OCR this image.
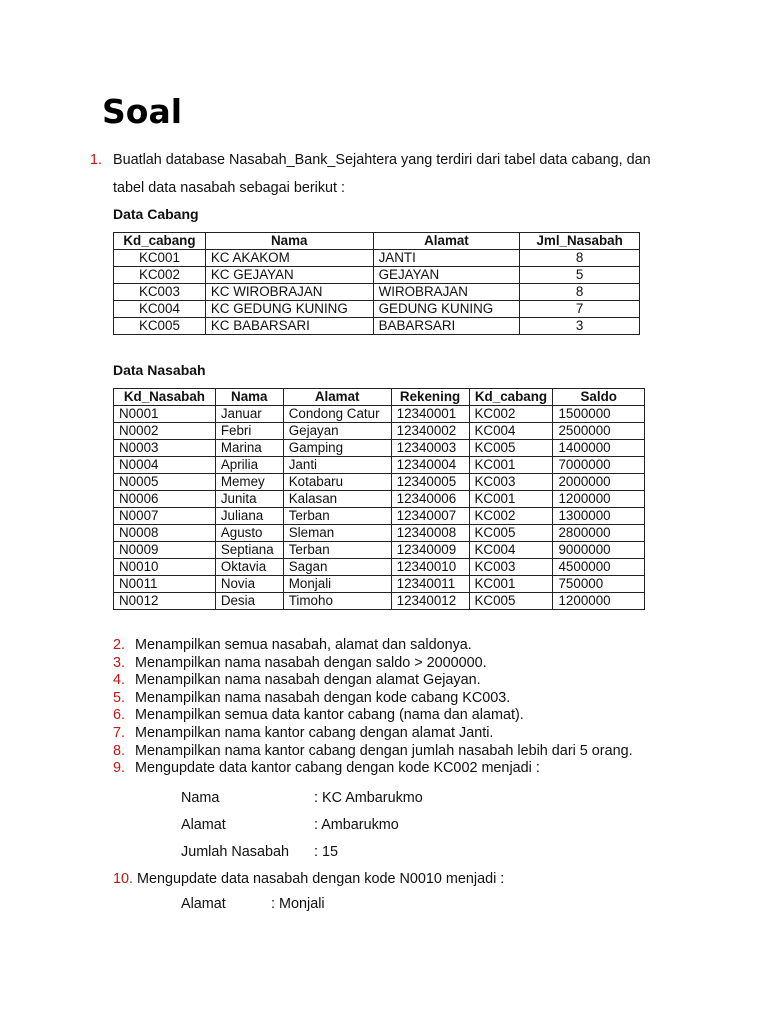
Soal
1. Buatlah database Nasabah_Bank_Sejahtera yang terdiri dari tabel data cabang, dan
tabel data nasabah sebagai berikut :
Data Cabang
Kd_cabang	Nama	Alamat	Jml_Nasabah
KC001	KC AKAKOM	JANTI	8
KC002	KC GEJAYAN	GEJAYAN	5
KC003	KC WIROBRAJAN	WIROBRAJAN	8
KC004	KC GEDUNG KUNING	GEDUNG KUNING	7
KC005	KC BABARSARI	BABARSARI	3
Data Nasabah
Kd_Nasabah	Nama	Alamat	Rekening	Kd_cabang	Saldo
N0001	Januar	Condong Catur	12340001	KC002	1500000
N0002	Febri	Gejayan	12340002	KC004	2500000
N0003	Marina	Gamping	12340003	KC005	1400000
N0004	Aprilia	Janti	12340004	KC001	7000000
N0005	Memey	Kotabaru	12340005	KC003	2000000
N0006	Junita	Kalasan	12340006	KC001	1200000
N0007	Juliana	Terban	12340007	KC002	1300000
N0008	Agusto	Sleman	12340008	KC005	2800000
N0009	Septiana	Terban	12340009	KC004	9000000
N0010	Oktavia	Sagan	12340010	KC003	4500000
N0011	Novia	Monjali	12340011	KC001	750000
N0012	Desia	Timoho	12340012	KC005	1200000
2. Menampilkan semua nasabah, alamat dan saldonya.
3. Menampilkan nama nasabah dengan saldo > 2000000.
4. Menampilkan nama nasabah dengan alamat Gejayan.
5. Menampilkan nama nasabah dengan kode cabang KC003.
6. Menampilkan semua data kantor cabang (nama dan alamat).
7. Menampilkan nama kantor cabang dengan alamat Janti.
8. Menampilkan nama kantor cabang dengan jumlah nasabah lebih dari 5 orang.
9. Mengupdate data kantor cabang dengan kode KC002 menjadi :
Nama	: KC Ambarukmo
Alamat	: Ambarukmo
Jumlah Nasabah : 15
10. Mengupdate data nasabah dengan kode N0010 menjadi :
Alamat	: Monjali
